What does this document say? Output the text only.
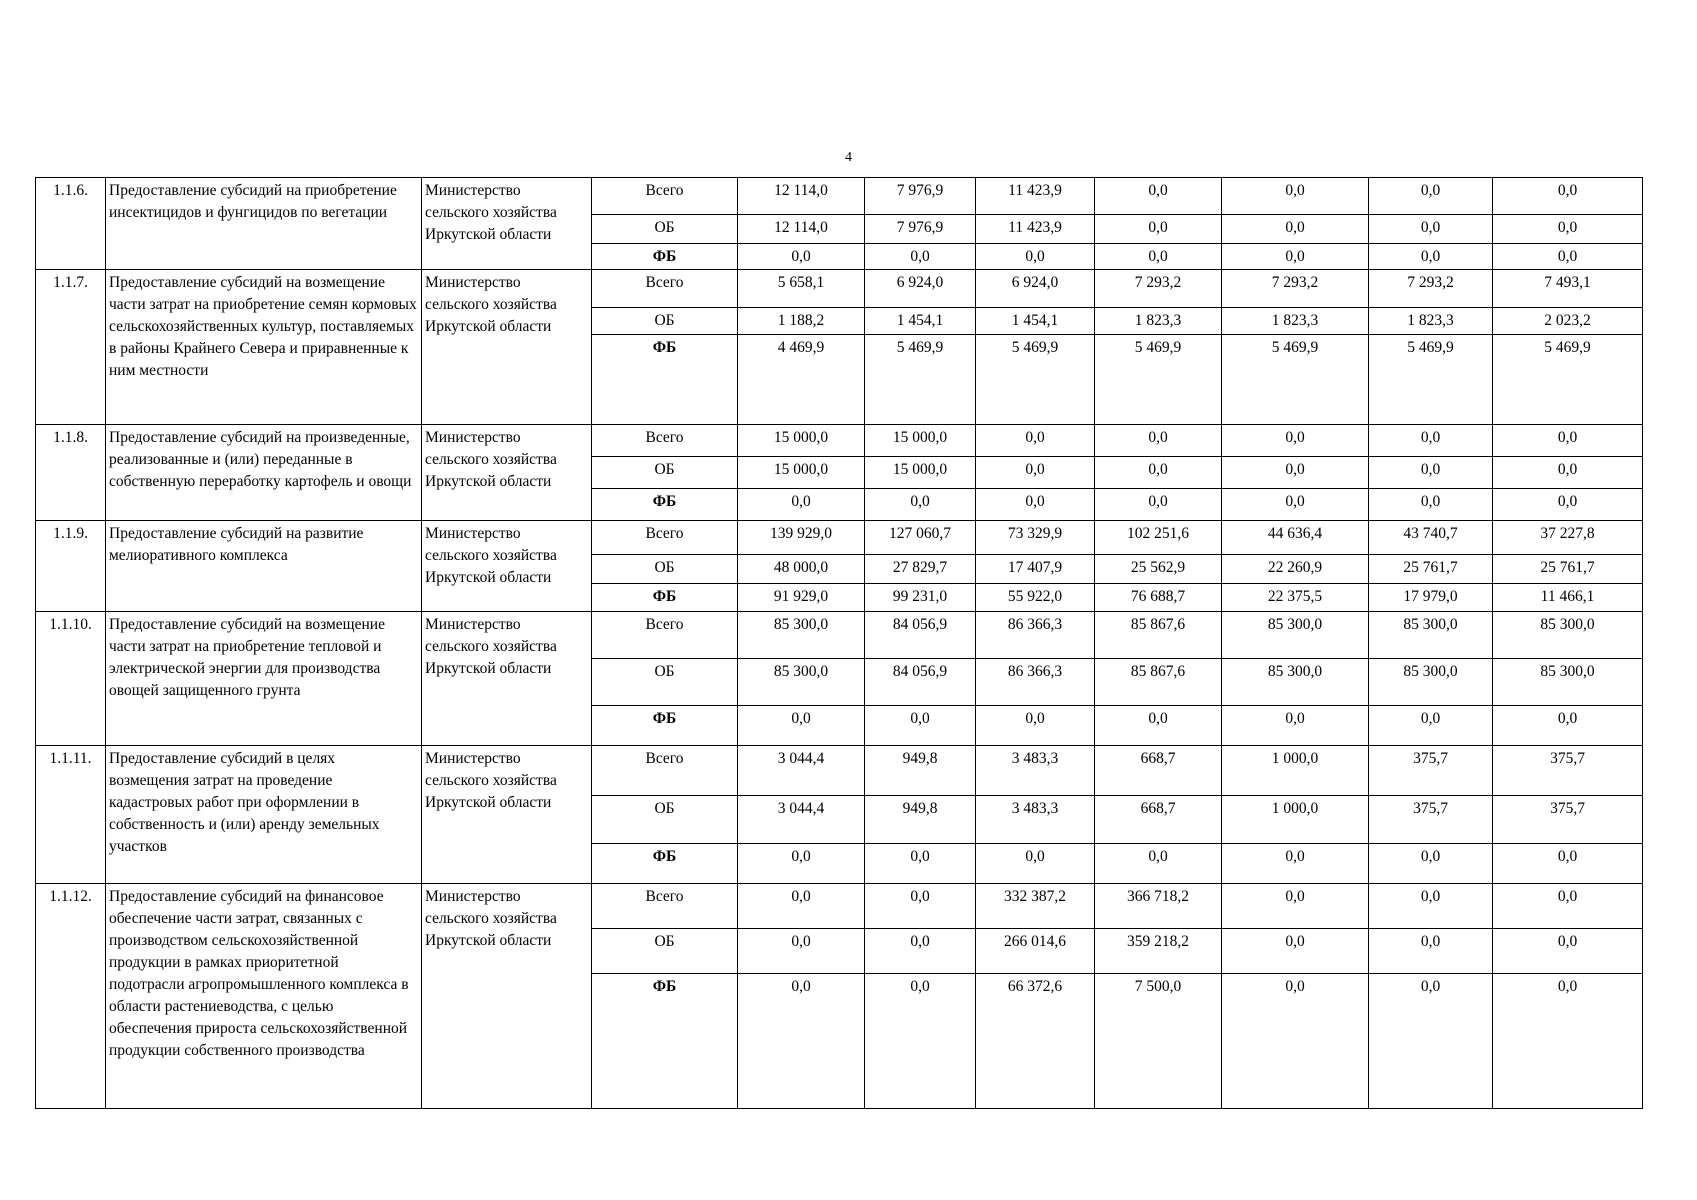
4
1.1.6.	Предоставление субсидий на приобретение инсектицидов и фунгицидов по вегетации	Министерство сельского хозяйства Иркутской области	Всего	12 114,0	7 976,9	11 423,9	0,0	0,0	0,0	0,0
			ОБ	12 114,0	7 976,9	11 423,9	0,0	0,0	0,0	0,0
			ФБ	0,0	0,0	0,0	0,0	0,0	0,0	0,0
1.1.7.	Предоставление субсидий на возмещение части затрат на приобретение семян кормовых сельскохозяйственных культур, поставляемых в районы Крайнего Севера и приравненные к ним местности	Министерство сельского хозяйства Иркутской области	Всего	5 658,1	6 924,0	6 924,0	7 293,2	7 293,2	7 293,2	7 493,1
			ОБ	1 188,2	1 454,1	1 454,1	1 823,3	1 823,3	1 823,3	2 023,2
			ФБ	4 469,9	5 469,9	5 469,9	5 469,9	5 469,9	5 469,9	5 469,9
1.1.8.	Предоставление субсидий на произведенные, реализованные и (или) переданные в собственную переработку картофель и овощи	Министерство сельского хозяйства Иркутской области	Всего	15 000,0	15 000,0	0,0	0,0	0,0	0,0	0,0
			ОБ	15 000,0	15 000,0	0,0	0,0	0,0	0,0	0,0
			ФБ	0,0	0,0	0,0	0,0	0,0	0,0	0,0
1.1.9.	Предоставление субсидий на развитие мелиоративного комплекса	Министерство сельского хозяйства Иркутской области	Всего	139 929,0	127 060,7	73 329,9	102 251,6	44 636,4	43 740,7	37 227,8
			ОБ	48 000,0	27 829,7	17 407,9	25 562,9	22 260,9	25 761,7	25 761,7
			ФБ	91 929,0	99 231,0	55 922,0	76 688,7	22 375,5	17 979,0	11 466,1
1.1.10.	Предоставление субсидий на возмещение части затрат на приобретение тепловой и электрической энергии для производства овощей защищенного грунта	Министерство сельского хозяйства Иркутской области	Всего	85 300,0	84 056,9	86 366,3	85 867,6	85 300,0	85 300,0	85 300,0
			ОБ	85 300,0	84 056,9	86 366,3	85 867,6	85 300,0	85 300,0	85 300,0
			ФБ	0,0	0,0	0,0	0,0	0,0	0,0	0,0
1.1.11.	Предоставление субсидий в целях возмещения затрат на проведение кадастровых работ при оформлении в собственность и (или) аренду земельных участков	Министерство сельского хозяйства Иркутской области	Всего	3 044,4	949,8	3 483,3	668,7	1 000,0	375,7	375,7
			ОБ	3 044,4	949,8	3 483,3	668,7	1 000,0	375,7	375,7
			ФБ	0,0	0,0	0,0	0,0	0,0	0,0	0,0
1.1.12.	Предоставление субсидий на финансовое обеспечение части затрат, связанных с производством сельскохозяйственной продукции в рамках приоритетной подотрасли агропромышленного комплекса в области растениеводства, с целью обеспечения прироста сельскохозяйственной продукции собственного производства	Министерство сельского хозяйства Иркутской области	Всего	0,0	0,0	332 387,2	366 718,2	0,0	0,0	0,0
			ОБ	0,0	0,0	266 014,6	359 218,2	0,0	0,0	0,0
			ФБ	0,0	0,0	66 372,6	7 500,0	0,0	0,0	0,0
